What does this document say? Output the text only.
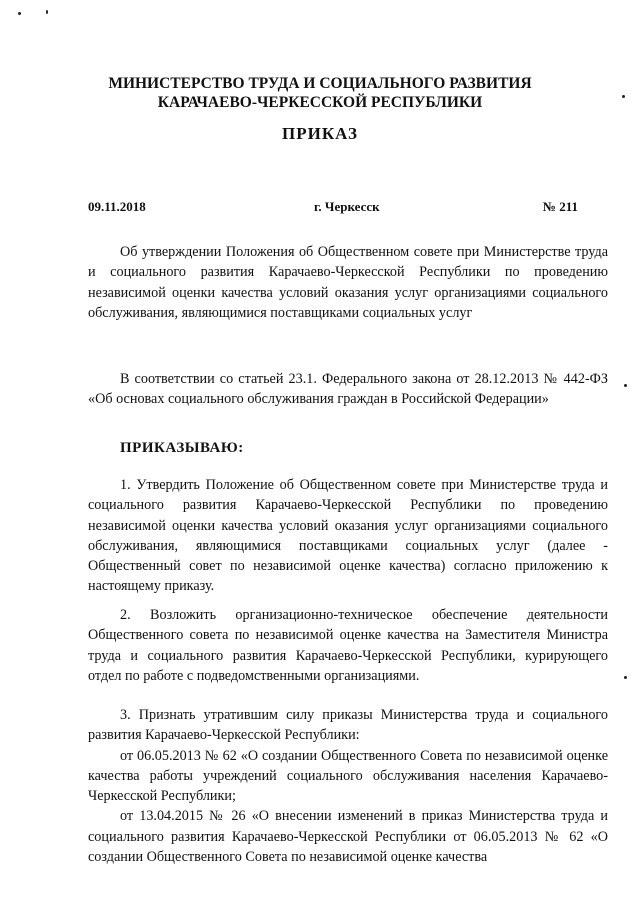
МИНИСТЕРСТВО ТРУДА И СОЦИАЛЬНОГО РАЗВИТИЯ
КАРАЧАЕВО-ЧЕРКЕССКОЙ РЕСПУБЛИКИ
ПРИКАЗ
09.11.2018	г. Черкесск	№ 211

Об утверждении Положения об Общественном совете при Министерстве труда и социального развития Карачаево-Черкесской Республики по проведению независимой оценки качества условий оказания услуг организациями социального обслуживания, являющимися поставщиками социальных услуг

В соответствии со статьей 23.1. Федерального закона от 28.12.2013 № 442-ФЗ «Об основах социального обслуживания граждан в Российской Федерации»

ПРИКАЗЫВАЮ:

1. Утвердить Положение об Общественном совете при Министерстве труда и социального развития Карачаево-Черкесской Республики по проведению независимой оценки качества условий оказания услуг организациями социального обслуживания, являющимися поставщиками социальных услуг (далее - Общественный совет по независимой оценке качества) согласно приложению к настоящему приказу.

2. Возложить организационно-техническое обеспечение деятельности Общественного совета по независимой оценке качества на Заместителя Министра труда и социального развития Карачаево-Черкесской Республики, курирующего отдел по работе с подведомственными организациями.

3. Признать утратившим силу приказы Министерства труда и социального развития Карачаево-Черкесской Республики:

от 06.05.2013 № 62 «О создании Общественного Совета по независимой оценке качества работы учреждений социального обслуживания населения Карачаево-Черкесской Республики;

от 13.04.2015 № 26 «О внесении изменений в приказ Министерства труда и социального развития Карачаево-Черкесской Республики от 06.05.2013 № 62 «О создании Общественного Совета по независимой оценке качества
